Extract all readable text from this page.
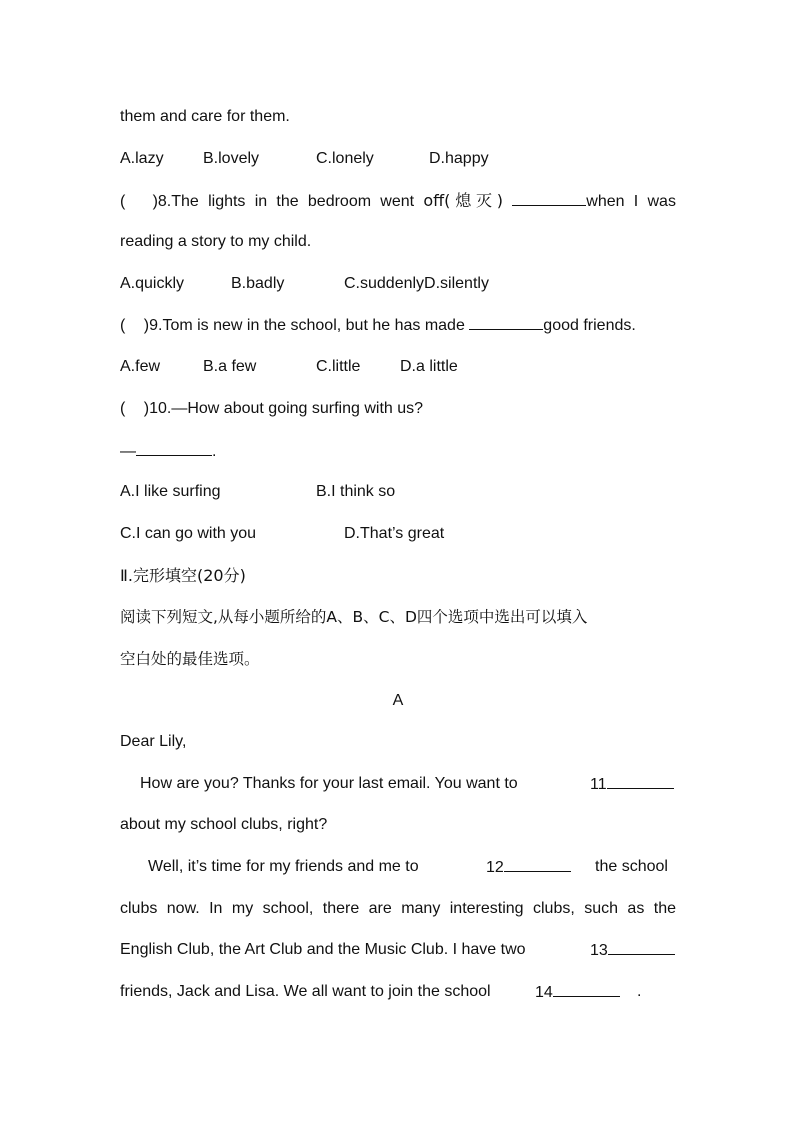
them and care for them.
A.lazy B.lovely	C.lonely	D.happy
( )8.The lights in the bedroom went off(熄灭)	when I was
reading a story to my child.
A.quickly	B.badly	C.suddenlyD.silently
( )9.Tom is new in the school, but he has made	good friends.
A.few	B.a few	C.little D.a little
( )10.—How about going surfing with us?
—	.
A.I like surfing	B.I think so
C.I can go with you	D.That’s great
Ⅱ.完形填空(20分)
阅读下列短文,从每小题所给的A、B、C、D四个选项中选出可以填入
空白处的最佳选项。
A
Dear Lily,
How are you? Thanks for your last email. You want to	11
about my school clubs, right?
Well, it’s time for my friends and me to	12	the school
clubs now. In my school, there are many interesting clubs, such as the
English Club, the Art Club and the Music Club. I have two	13
friends, Jack and Lisa. We all want to join the school	14	.
